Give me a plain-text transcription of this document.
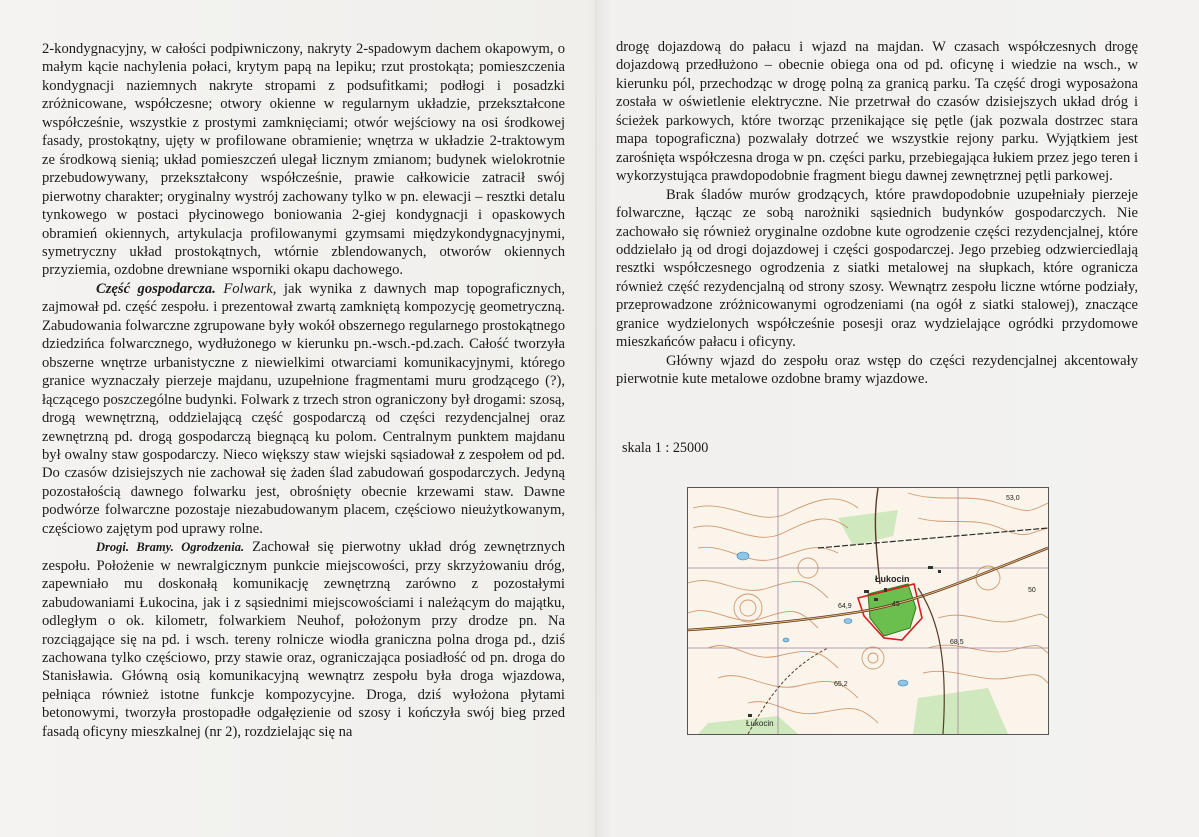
2-kondygnacyjny, w całości podpiwniczony, nakryty 2-spadowym dachem okapowym, o małym kącie nachylenia połaci, krytym papą na lepiku; rzut prostokąta; pomieszczenia kondygnacji naziemnych nakryte stropami z podsufitkami; podłogi i posadzki zróżnicowane, współczesne; otwory okienne w regularnym układzie, przekształcone współcześnie, wszystkie z prostymi zamknięciami; otwór wejściowy na osi środkowej fasady, prostokątny, ujęty w profilowane obramienie; wnętrza w układzie 2-traktowym ze środkową sienią; układ pomieszczeń ulegał licznym zmianom; budynek wielokrotnie przebudowywany, przekształcony współcześnie, prawie całkowicie zatracił swój pierwotny charakter; oryginalny wystrój zachowany tylko w pn. elewacji – resztki detalu tynkowego w postaci płycinowego boniowania 2-giej kondygnacji i opaskowych obramień okiennych, artykulacja profilowanymi gzymsami międzykondygnacyjnymi, symetryczny układ prostokątnych, wtórnie zblendowanych, otworów okiennych przyziemia, ozdobne drewniane wsporniki okapu dachowego.

Część gospodarcza. Folwark, jak wynika z dawnych map topograficznych, zajmował pd. część zespołu. i prezentował zwartą zamkniętą kompozycję geometryczną. Zabudowania folwarczne zgrupowane były wokół obszernego regularnego prostokątnego dziedzińca folwarcznego, wydłużonego w kierunku pn.-wsch.-pd.zach. Całość tworzyła obszerne wnętrze urbanistyczne z niewielkimi otwarciami komunikacyjnymi, którego granice wyznaczały pierzeje majdanu, uzupełnione fragmentami muru grodzącego (?), łączącego poszczególne budynki. Folwark z trzech stron ograniczony był drogami: szosą, drogą wewnętrzną, oddzielającą część gospodarczą od części rezydencjalnej oraz zewnętrzną pd. drogą gospodarczą biegnącą ku polom. Centralnym punktem majdanu był owalny staw gospodarczy. Nieco większy staw wiejski sąsiadował z zespołem od pd. Do czasów dzisiejszych nie zachował się żaden ślad zabudowań gospodarczych. Jedyną pozostałością dawnego folwarku jest, obrośnięty obecnie krzewami staw. Dawne podwórze folwarczne pozostaje niezabudowanym placem, częściowo nieużytkowanym, częściowo zajętym pod uprawy rolne.

Drogi. Bramy. Ogrodzenia. Zachował się pierwotny układ dróg zewnętrznych zespołu. Położenie w newralgicznym punkcie miejscowości, przy skrzyżowaniu dróg, zapewniało mu doskonałą komunikację zewnętrzną zarówno z pozostałymi zabudowaniami Łukocina, jak i z sąsiednimi miejscowościami i należącym do majątku, odległym o ok. kilometr, folwarkiem Neuhof, położonym przy drodze pn. Na rozciągające się na pd. i wsch. tereny rolnicze wiodła graniczna polna droga pd., dziś zachowana tylko częściowo, przy stawie oraz, ograniczająca posiadłość od pn. droga do Stanisławia. Główną osią komunikacyjną wewnątrz zespołu była droga wjazdowa, pełniąca również istotne funkcje kompozycyjne. Droga, dziś wyłożona płytami betonowymi, tworzyła prostopadłe odgałęzienie od szosy i kończyła swój bieg przed fasadą oficyny mieszkalnej (nr 2), rozdzielając się na

drogę dojazdową do pałacu i wjazd na majdan. W czasach współczesnych drogę dojazdową przedłużono – obecnie obiega ona od pd. oficynę i wiedzie na wsch., w kierunku pól, przechodząc w drogę polną za granicą parku. Ta część drogi wyposażona została w oświetlenie elektryczne. Nie przetrwał do czasów dzisiejszych układ dróg i ścieżek parkowych, które tworząc przenikające się pętle (jak pozwala dostrzec stara mapa topograficzna) pozwalały dotrzeć we wszystkie rejony parku. Wyjątkiem jest zarośnięta współczesna droga w pn. części parku, przebiegająca łukiem przez jego teren i wykorzystująca prawdopodobnie fragment biegu dawnej zewnętrznej pętli parkowej.

Brak śladów murów grodzących, które prawdopodobnie uzupełniały pierzeje folwarczne, łącząc ze sobą narożniki sąsiednich budynków gospodarczych. Nie zachowało się również oryginalne ozdobne kute ogrodzenie części rezydencjalnej, które oddzielało ją od drogi dojazdowej i części gospodarczej. Jego przebieg odzwierciedlają resztki współczesnego ogrodzenia z siatki metalowej na słupkach, które ogranicza również część rezydencjalną od strony szosy. Wewnątrz zespołu liczne wtórne podziały, przeprowadzone zróżnicowanymi ogrodzeniami (na ogół z siatki stalowej), znaczące granice wydzielonych współcześnie posesji oraz wydzielające ogródki przydomowe mieszkańców pałacu i oficyny.

Główny wjazd do zespołu oraz wstęp do części rezydencjalnej akcentowały pierwotnie kute metalowe ozdobne bramy wjazdowe.

skala 1 : 25000
Łukocin
Łukocin
53,0
64,9
68,5
65,2
50
45
